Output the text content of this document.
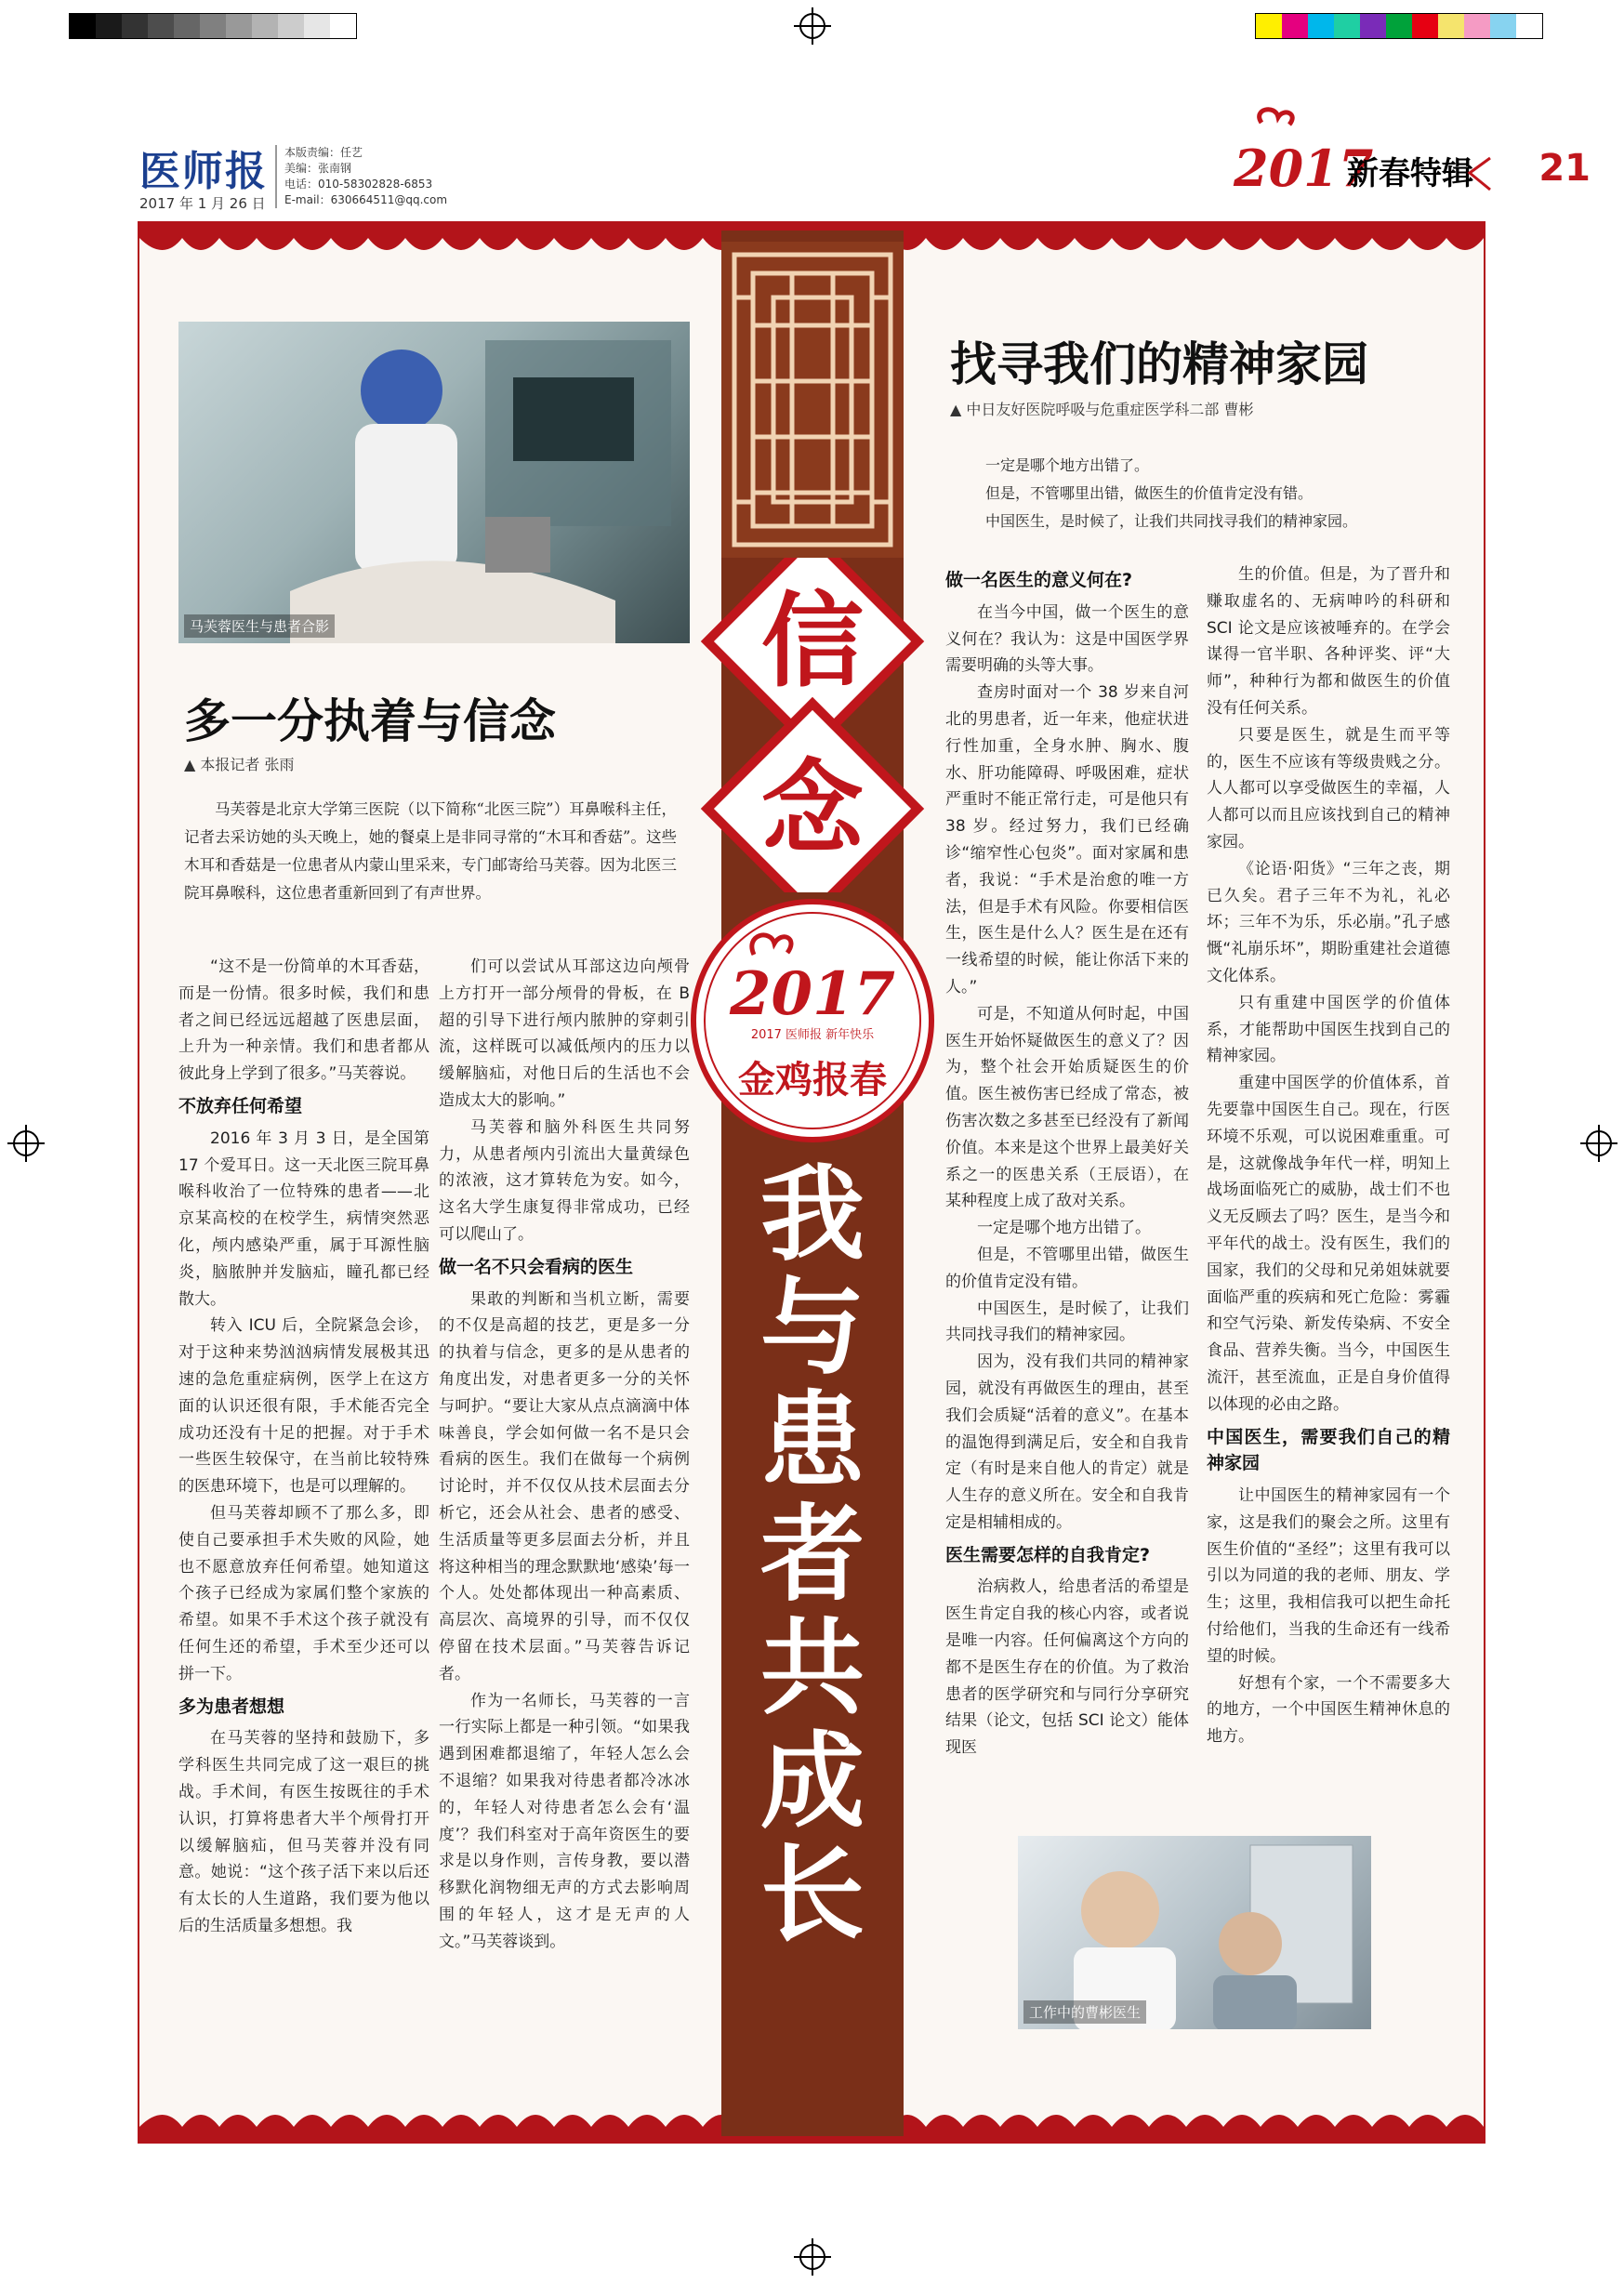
医师报
2017 年 1 月 26 日
本版责编：任艺
美编：张南钢
电话：010-58302828-6853
E-mail：630664511@qq.com
2017
新春特辑 21
信
念
2017
2017 医师报 新年快乐
金鸡报春
我
与
患
者
共
成
长
马芙蓉医生与患者合影
多一分执着与信念
▲ 本报记者 张雨
马芙蓉是北京大学第三医院（以下简称“北医三院”）耳鼻喉科主任，记者去采访她的头天晚上，她的餐桌上是非同寻常的“木耳和香菇”。这些木耳和香菇是一位患者从内蒙山里采来，专门邮寄给马芙蓉。因为北医三院耳鼻喉科，这位患者重新回到了有声世界。

“这不是一份简单的木耳香菇，而是一份情。很多时候，我们和患者之间已经远远超越了医患层面，上升为一种亲情。我们和患者都从彼此身上学到了很多。”马芙蓉说。

不放弃任何希望

2016 年 3 月 3 日，是全国第 17 个爱耳日。这一天北医三院耳鼻喉科收治了一位特殊的患者——北京某高校的在校学生，病情突然恶化，颅内感染严重，属于耳源性脑炎，脑脓肿并发脑疝，瞳孔都已经散大。

转入 ICU 后，全院紧急会诊，对于这种来势汹汹病情发展极其迅速的急危重症病例，医学上在这方面的认识还很有限，手术能否完全成功还没有十足的把握。对于手术一些医生较保守，在当前比较特殊的医患环境下，也是可以理解的。

但马芙蓉却顾不了那么多，即使自己要承担手术失败的风险，她也不愿意放弃任何希望。她知道这个孩子已经成为家属们整个家族的希望。如果不手术这个孩子就没有任何生还的希望，手术至少还可以拼一下。

多为患者想想

在马芙蓉的坚持和鼓励下，多学科医生共同完成了这一艰巨的挑战。手术间，有医生按既往的手术认识，打算将患者大半个颅骨打开以缓解脑疝，但马芙蓉并没有同意。她说：“这个孩子活下来以后还有太长的人生道路，我们要为他以后的生活质量多想想。我

们可以尝试从耳部这边向颅骨上方打开一部分颅骨的骨板，在 B 超的引导下进行颅内脓肿的穿刺引流，这样既可以减低颅内的压力以缓解脑疝，对他日后的生活也不会造成太大的影响。”

马芙蓉和脑外科医生共同努力，从患者颅内引流出大量黄绿色的浓液，这才算转危为安。如今，这名大学生康复得非常成功，已经可以爬山了。

做一名不只会看病的医生

果敢的判断和当机立断，需要的不仅是高超的技艺，更是多一分的执着与信念，更多的是从患者的角度出发，对患者更多一分的关怀与呵护。“要让大家从点点滴滴中体味善良，学会如何做一名不是只会看病的医生。我们在做每一个病例讨论时，并不仅仅从技术层面去分析它，还会从社会、患者的感受、生活质量等更多层面去分析，并且将这种相当的理念默默地‘感染’每一个人。处处都体现出一种高素质、高层次、高境界的引导，而不仅仅停留在技术层面。”马芙蓉告诉记者。

作为一名师长，马芙蓉的一言一行实际上都是一种引领。“如果我遇到困难都退缩了，年轻人怎么会不退缩？如果我对待患者都冷冰冰的，年轻人对待患者怎么会有‘温度’？我们科室对于高年资医生的要求是以身作则，言传身教，要以潜移默化润物细无声的方式去影响周围的年轻人，这才是无声的人文。”马芙蓉谈到。

找寻我们的精神家园
▲ 中日友好医院呼吸与危重症医学科二部 曹彬
一定是哪个地方出错了。
但是，不管哪里出错，做医生的价值肯定没有错。
中国医生，是时候了，让我们共同找寻我们的精神家园。
做一名医生的意义何在?

在当今中国，做一个医生的意义何在？我认为：这是中国医学界需要明确的头等大事。

查房时面对一个 38 岁来自河北的男患者，近一年来，他症状进行性加重，全身水肿、胸水、腹水、肝功能障碍、呼吸困难，症状严重时不能正常行走，可是他只有 38 岁。经过努力，我们已经确诊“缩窄性心包炎”。面对家属和患者，我说：“手术是治愈的唯一方法，但是手术有风险。你要相信医生，医生是什么人？医生是在还有一线希望的时候，能让你活下来的人。”

可是，不知道从何时起，中国医生开始怀疑做医生的意义了？因为，整个社会开始质疑医生的价值。医生被伤害已经成了常态，被伤害次数之多甚至已经没有了新闻价值。本来是这个世界上最美好关系之一的医患关系（王辰语），在某种程度上成了敌对关系。

一定是哪个地方出错了。

但是，不管哪里出错，做医生的价值肯定没有错。

中国医生，是时候了，让我们共同找寻我们的精神家园。

因为，没有我们共同的精神家园，就没有再做医生的理由，甚至我们会质疑“活着的意义”。在基本的温饱得到满足后，安全和自我肯定（有时是来自他人的肯定）就是人生存的意义所在。安全和自我肯定是相辅相成的。

医生需要怎样的自我肯定?

治病救人，给患者活的希望是医生肯定自我的核心内容，或者说是唯一内容。任何偏离这个方向的都不是医生存在的价值。为了救治患者的医学研究和与同行分享研究结果（论文，包括 SCI 论文）能体现医

生的价值。但是，为了晋升和赚取虚名的、无病呻吟的科研和 SCI 论文是应该被唾弃的。在学会谋得一官半职、各种评奖、评“大师”，种种行为都和做医生的价值没有任何关系。

只要是医生，就是生而平等的，医生不应该有等级贵贱之分。人人都可以享受做医生的幸福，人人都可以而且应该找到自己的精神家园。

《论语·阳货》“三年之丧，期已久矣。君子三年不为礼，礼必坏；三年不为乐，乐必崩。”孔子感慨“礼崩乐坏”，期盼重建社会道德文化体系。

只有重建中国医学的价值体系，才能帮助中国医生找到自己的精神家园。

重建中国医学的价值体系，首先要靠中国医生自己。现在，行医环境不乐观，可以说困难重重。可是，这就像战争年代一样，明知上战场面临死亡的威胁，战士们不也义无反顾去了吗？医生，是当今和平年代的战士。没有医生，我们的国家，我们的父母和兄弟姐妹就要面临严重的疾病和死亡危险：雾霾和空气污染、新发传染病、不安全食品、营养失衡。当今，中国医生流汗，甚至流血，正是自身价值得以体现的必由之路。

中国医生，需要我们自己的精神家园

让中国医生的精神家园有一个家，这是我们的聚会之所。这里有医生价值的“圣经”；这里有我可以引以为同道的我的老师、朋友、学生；这里，我相信我可以把生命托付给他们，当我的生命还有一线希望的时候。

好想有个家，一个不需要多大的地方，一个中国医生精神休息的地方。

工作中的曹彬医生
